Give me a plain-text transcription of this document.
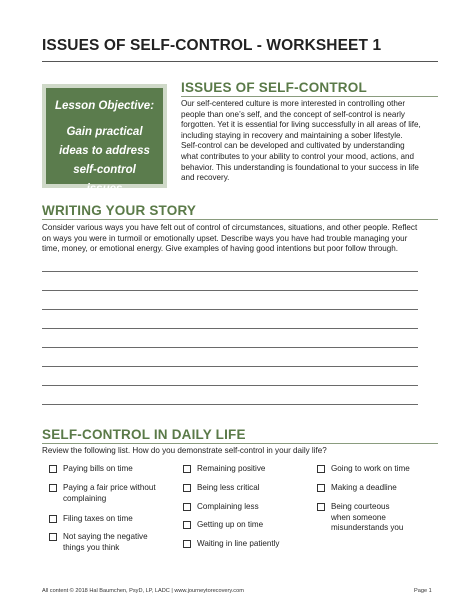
ISSUES OF SELF-CONTROL - WORKSHEET 1
Lesson Objective:
Gain practical
ideas to address
self-control issues
ISSUES OF SELF-CONTROL
Our self-centered culture is more interested in controlling other
people than one’s self, and the concept of self-control is nearly
forgotten. Yet it is essential for living successfully in all areas of life,
including staying in recovery and maintaining a sober lifestyle.
Self-control can be developed and cultivated by understanding
what contributes to your ability to control your mood, actions, and
behavior. This understanding is foundational to your success in life
and recovery.
WRITING YOUR STORY
Consider various ways you have felt out of control of circumstances, situations, and other people. Reflect
on ways you were in turmoil or emotionally upset. Describe ways you have had trouble managing your
time, money, or emotional energy. Give examples of having good intentions but poor follow through.
SELF-CONTROL IN DAILY LIFE
Review the following list. How do you demonstrate self-control in your daily life?
Paying bills on time
Paying a fair price without
complaining
Filing taxes on time
Not saying the negative
things you think
Remaining positive
Being less critical
Complaining less
Getting up on time
Waiting in line patiently
Going to work on time
Making a deadline
Being courteous
when someone
misunderstands you
All content © 2018 Hal Baumchen, PsyD, LP, LADC | www.journeytorecovery.com	Page 1
